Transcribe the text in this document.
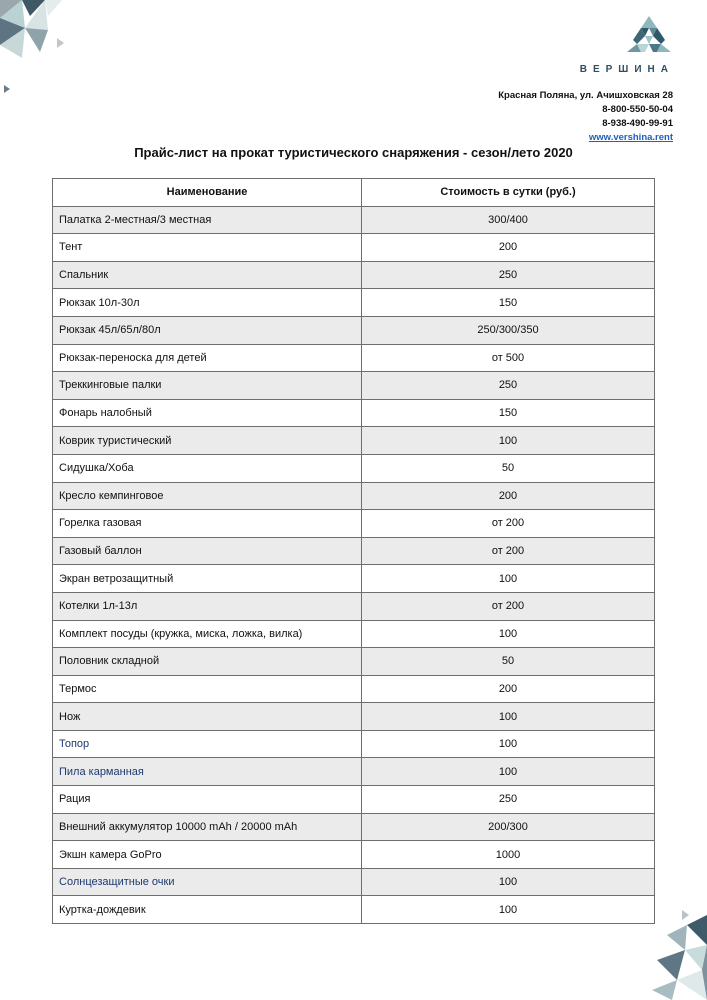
ВЕРШИНА
Красная Поляна, ул. Ачишховская 28
8-800-550-50-04
8-938-490-99-91
www.vershina.rent
Прайс-лист на прокат туристического снаряжения - сезон/лето 2020
Наименование	Стоимость в сутки (руб.)
Палатка 2-местная/3 местная	300/400
Тент	200
Спальник	250
Рюкзак 10л-30л	150
Рюкзак 45л/65л/80л	250/300/350
Рюкзак-переноска для детей	от 500
Треккинговые палки	250
Фонарь налобный	150
Коврик туристический	100
Сидушка/Хоба	50
Кресло кемпинговое	200
Горелка газовая	от 200
Газовый баллон	от 200
Экран ветрозащитный	100
Котелки 1л-13л	от 200
Комплект посуды (кружка, миска, ложка, вилка)	100
Половник складной	50
Термос	200
Нож	100
Топор	100
Пила карманная	100
Рация	250
Внешний аккумулятор 10000 mAh / 20000 mAh	200/300
Экшн камера GoPro	1000
Солнцезащитные очки	100
Куртка-дождевик	100
